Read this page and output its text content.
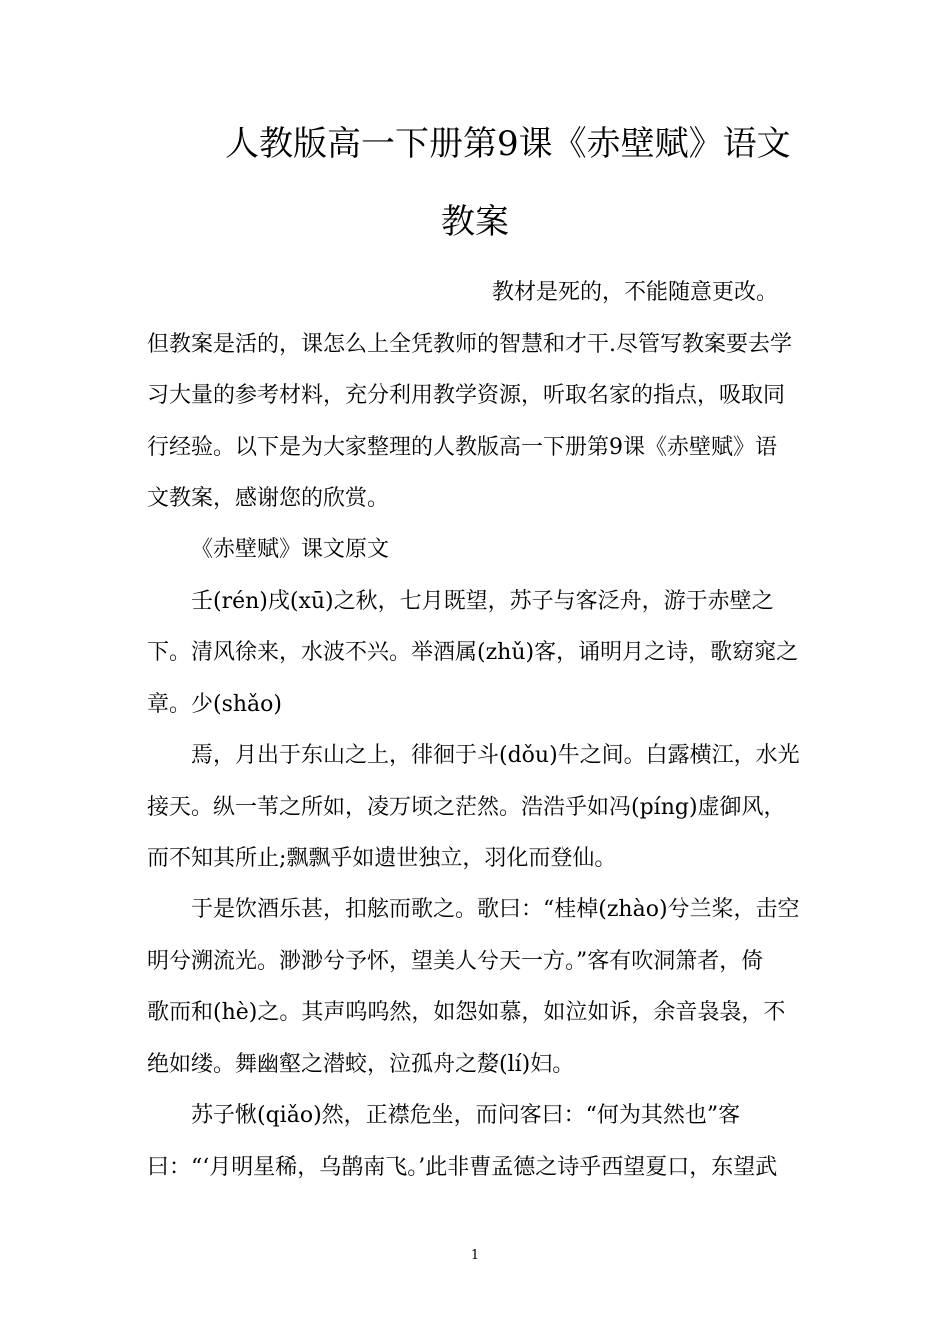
人教版高一下册第9课《赤壁赋》语文
教案
教材是死的，不能随意更改。
但教案是活的，课怎么上全凭教师的智慧和才干.尽管写教案要去学
习大量的参考材料，充分利用教学资源，听取名家的指点，吸取同
行经验。以下是为大家整理的人教版高一下册第9课《赤壁赋》语
文教案，感谢您的欣赏。
《赤壁赋》课文原文
壬(rén)戌(xū)之秋，七月既望，苏子与客泛舟，游于赤壁之
下。清风徐来，水波不兴。举酒属(zhǔ)客，诵明月之诗，歌窈窕之
章。少(shǎo)
焉，月出于东山之上，徘徊于斗(dǒu)牛之间。白露横江，水光
接天。纵一苇之所如，凌万顷之茫然。浩浩乎如冯(píng)虚御风，
而不知其所止;飘飘乎如遗世独立，羽化而登仙。
于是饮酒乐甚，扣舷而歌之。歌曰：“桂棹(zhào)兮兰桨，击空
明兮溯流光。渺渺兮予怀，望美人兮天一方。”客有吹洞箫者，倚
歌而和(hè)之。其声呜呜然，如怨如慕，如泣如诉，余音袅袅，不
绝如缕。舞幽壑之潜蛟，泣孤舟之嫠(lí)妇。
苏子愀(qiǎo)然，正襟危坐，而问客曰：“何为其然也”客
曰：“‘月明星稀，乌鹊南飞。’此非曹孟德之诗乎西望夏口，东望武
1
